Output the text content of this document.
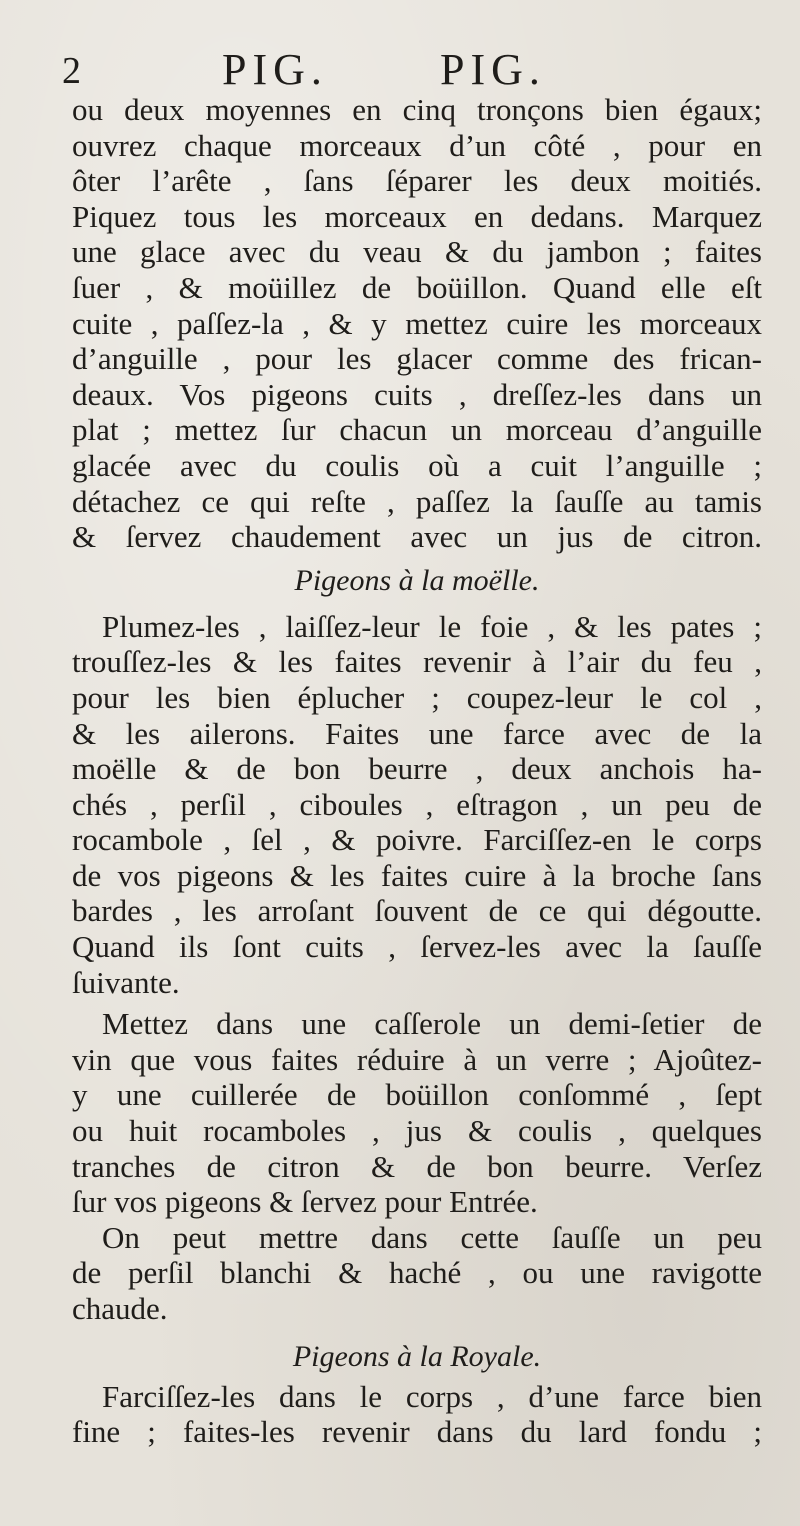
2	PIG.	PIG.
ou deux moyennes en cinq tronçons bien égaux;
ouvrez chaque morceaux d’un côté , pour en
ôter l’arête , ſans ſéparer les deux moitiés.
Piquez tous les morceaux en dedans. Marquez
une glace avec du veau & du jambon ; faites
ſuer , & moüillez de boüillon. Quand elle eſt
cuite , paſſez-la , & y mettez cuire les morceaux
d’anguille , pour les glacer comme des frican-
deaux. Vos pigeons cuits , dreſſez-les dans un
plat ; mettez ſur chacun un morceau d’anguille
glacée avec du coulis où a cuit l’anguille ;
détachez ce qui reſte , paſſez la ſauſſe au tamis
& ſervez chaudement avec un jus de citron.
Pigeons à la moëlle.
Plumez-les , laiſſez-leur le foie , & les pates ;
trouſſez-les & les faites revenir à l’air du feu ,
pour les bien éplucher ; coupez-leur le col ,
& les ailerons. Faites une farce avec de la
moëlle & de bon beurre , deux anchois ha-
chés , perſil , ciboules , eſtragon , un peu de
rocambole , ſel , & poivre. Farciſſez-en le corps
de vos pigeons & les faites cuire à la broche ſans
bardes , les arroſant ſouvent de ce qui dégoutte.
Quand ils ſont cuits , ſervez-les avec la ſauſſe
ſuivante.
Mettez dans une caſſerole un demi-ſetier de
vin que vous faites réduire à un verre ; Ajoûtez-
y une cuillerée de boüillon conſommé , ſept
ou huit rocamboles , jus & coulis , quelques
tranches de citron & de bon beurre. Verſez
ſur vos pigeons & ſervez pour Entrée.
On peut mettre dans cette ſauſſe un peu
de perſil blanchi & haché , ou une ravigotte
chaude.
Pigeons à la Royale.
Farciſſez-les dans le corps , d’une farce bien
fine ; faites-les revenir dans du lard fondu ;
